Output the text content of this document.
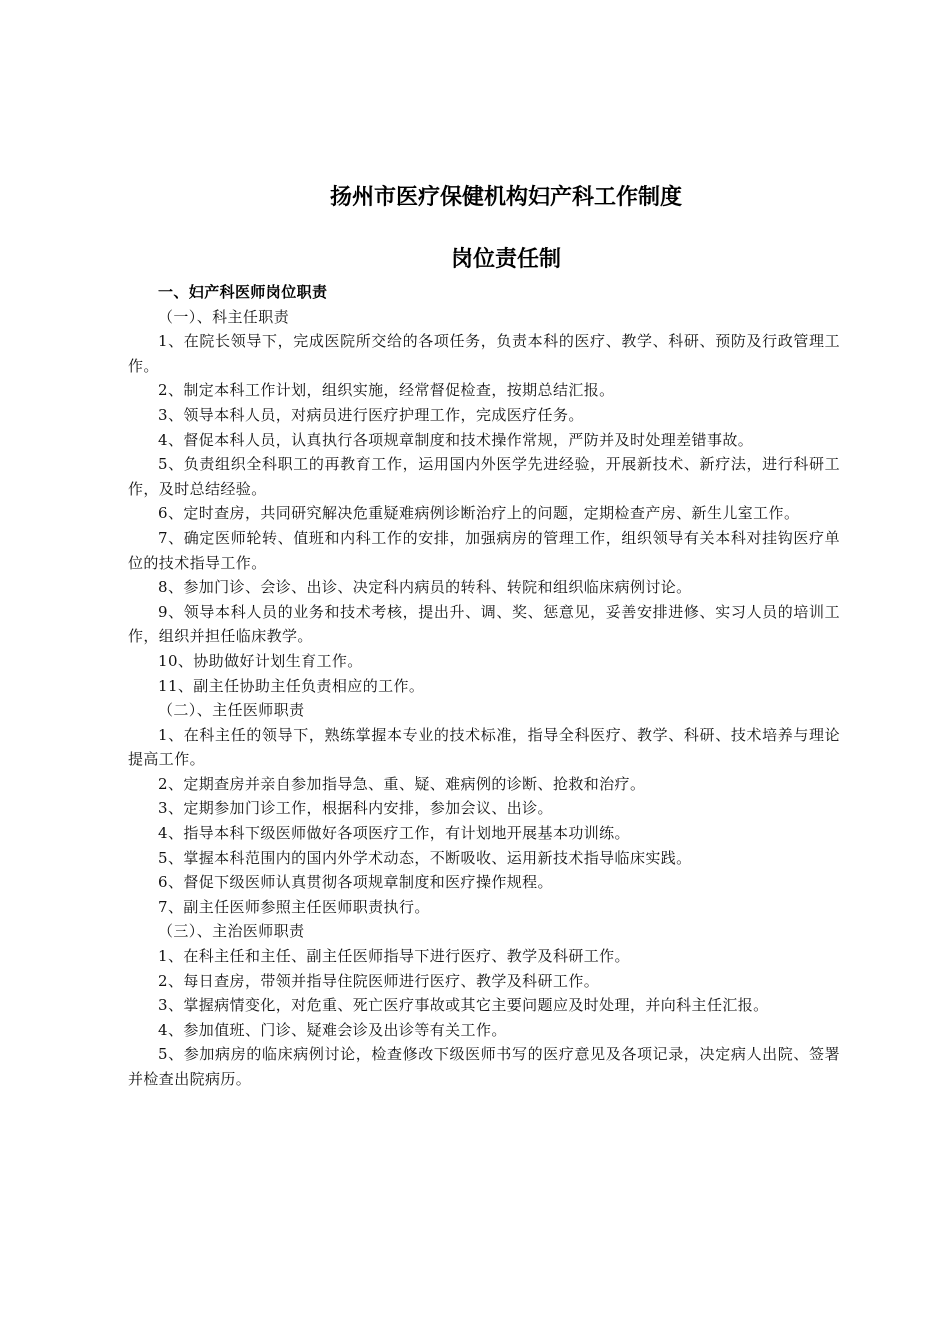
扬州市医疗保健机构妇产科工作制度
岗位责任制

一、妇产科医师岗位职责

（一）、科主任职责

1、在院长领导下，完成医院所交给的各项任务，负责本科的医疗、教学、科研、预防及行政管理工作。

2、制定本科工作计划，组织实施，经常督促检查，按期总结汇报。

3、领导本科人员，对病员进行医疗护理工作，完成医疗任务。

4、督促本科人员，认真执行各项规章制度和技术操作常规，严防并及时处理差错事故。

5、负责组织全科职工的再教育工作，运用国内外医学先进经验，开展新技术、新疗法，进行科研工作，及时总结经验。

6、定时查房，共同研究解决危重疑难病例诊断治疗上的问题，定期检查产房、新生儿室工作。

7、确定医师轮转、值班和内科工作的安排，加强病房的管理工作，组织领导有关本科对挂钩医疗单位的技术指导工作。

8、参加门诊、会诊、出诊、决定科内病员的转科、转院和组织临床病例讨论。

9、领导本科人员的业务和技术考核，提出升、调、奖、惩意见，妥善安排进修、实习人员的培训工作，组织并担任临床教学。

10、协助做好计划生育工作。

11、副主任协助主任负责相应的工作。

（二）、主任医师职责

1、在科主任的领导下，熟练掌握本专业的技术标准，指导全科医疗、教学、科研、技术培养与理论提高工作。

2、定期查房并亲自参加指导急、重、疑、难病例的诊断、抢救和治疗。

3、定期参加门诊工作，根据科内安排，参加会议、出诊。

4、指导本科下级医师做好各项医疗工作，有计划地开展基本功训练。

5、掌握本科范围内的国内外学术动态，不断吸收、运用新技术指导临床实践。

6、督促下级医师认真贯彻各项规章制度和医疗操作规程。

7、副主任医师参照主任医师职责执行。

（三）、主治医师职责

1、在科主任和主任、副主任医师指导下进行医疗、教学及科研工作。

2、每日查房，带领并指导住院医师进行医疗、教学及科研工作。

3、掌握病情变化，对危重、死亡医疗事故或其它主要问题应及时处理，并向科主任汇报。

4、参加值班、门诊、疑难会诊及出诊等有关工作。

5、参加病房的临床病例讨论，检查修改下级医师书写的医疗意见及各项记录，决定病人出院、签署并检查出院病历。
